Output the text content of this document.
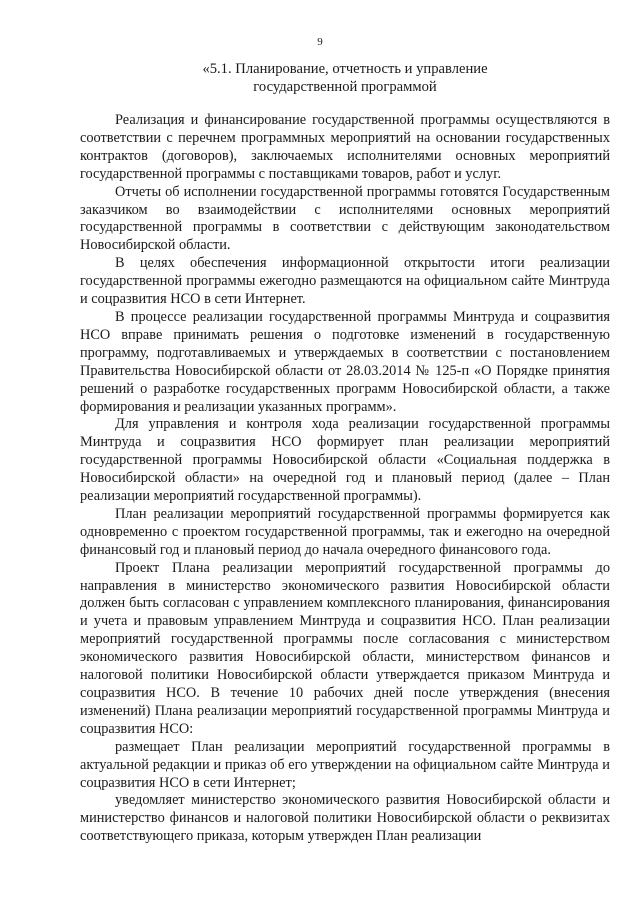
9
«5.1. Планирование, отчетность и управление
государственной программой

Реализация и финансирование государственной программы осуществляются в соответствии с перечнем программных мероприятий на основании государственных контрактов (договоров), заключаемых исполнителями основных мероприятий государственной программы с поставщиками товаров, работ и услуг.

Отчеты об исполнении государственной программы готовятся Государственным заказчиком во взаимодействии с исполнителями основных мероприятий государственной программы в соответствии с действующим законодательством Новосибирской области.

В целях обеспечения информационной открытости итоги реализации государственной программы ежегодно размещаются на официальном сайте Минтруда и соцразвития НСО в сети Интернет.

В процессе реализации государственной программы Минтруда и соцразвития НСО вправе принимать решения о подготовке изменений в государственную программу, подготавливаемых и утверждаемых в соответствии с постановлением Правительства Новосибирской области от 28.03.2014 № 125-п «О Порядке принятия решений о разработке государственных программ Новосибирской области, а также формирования и реализации указанных программ».

Для управления и контроля хода реализации государственной программы Минтруда и соцразвития НСО формирует план реализации мероприятий государственной программы Новосибирской области «Социальная поддержка в Новосибирской области» на очередной год и плановый период (далее – План реализации мероприятий государственной программы).

План реализации мероприятий государственной программы формируется как одновременно с проектом государственной программы, так и ежегодно на очередной финансовый год и плановый период до начала очередного финансового года.

Проект Плана реализации мероприятий государственной программы до направления в министерство экономического развития Новосибирской области должен быть согласован с управлением комплексного планирования, финансирования и учета и правовым управлением Минтруда и соцразвития НСО. План реализации мероприятий государственной программы после согласования с министерством экономического развития Новосибирской области, министерством финансов и налоговой политики Новосибирской области утверждается приказом Минтруда и соцразвития НСО. В течение 10 рабочих дней после утверждения (внесения изменений) Плана реализации мероприятий государственной программы Минтруда и соцразвития НСО:

размещает План реализации мероприятий государственной программы в актуальной редакции и приказ об его утверждении на официальном сайте Минтруда и соцразвития НСО в сети Интернет;

уведомляет министерство экономического развития Новосибирской области и министерство финансов и налоговой политики Новосибирской области о реквизитах соответствующего приказа, которым утвержден План реализации
